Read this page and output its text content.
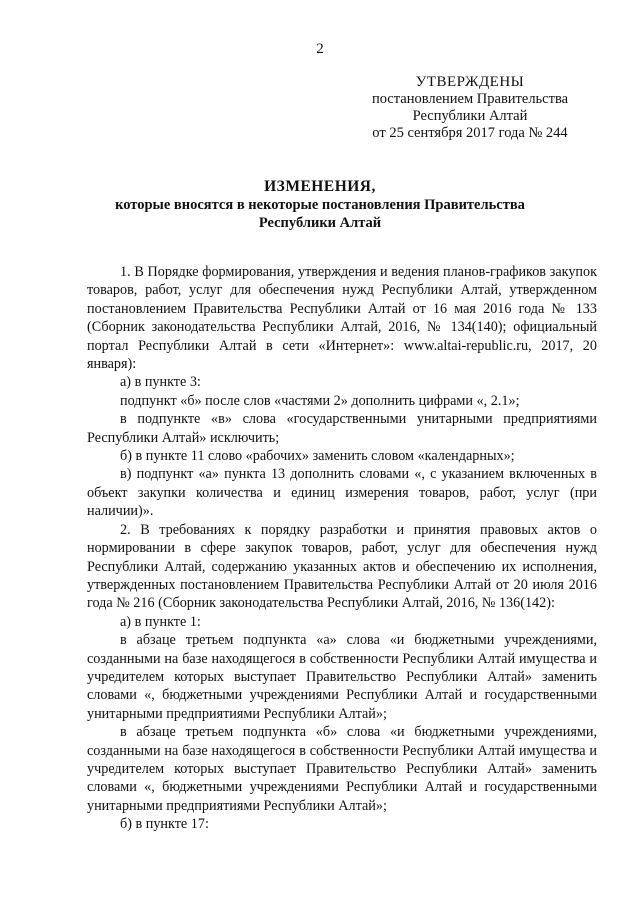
2
УТВЕРЖДЕНЫ
постановлением Правительства
Республики Алтай
от 25 сентября 2017 года № 244
ИЗМЕНЕНИЯ,
которые вносятся в некоторые постановления Правительства
Республики Алтай

1. В Порядке формирования, утверждения и ведения планов-графиков закупок товаров, работ, услуг для обеспечения нужд Республики Алтай, утвержденном постановлением Правительства Республики Алтай от 16 мая 2016 года № 133 (Сборник законодательства Республики Алтай, 2016, № 134(140); официальный портал Республики Алтай в сети «Интернет»: www.altai-republic.ru, 2017, 20 января):

а) в пункте 3:

подпункт «б» после слов «частями 2» дополнить цифрами «, 2.1»;

в подпункте «в» слова «государственными унитарными предприятиями Республики Алтай» исключить;

б) в пункте 11 слово «рабочих» заменить словом «календарных»;

в) подпункт «а» пункта 13 дополнить словами «, с указанием включенных в объект закупки количества и единиц измерения товаров, работ, услуг (при наличии)».

2. В требованиях к порядку разработки и принятия правовых актов о нормировании в сфере закупок товаров, работ, услуг для обеспечения нужд Республики Алтай, содержанию указанных актов и обеспечению их исполнения, утвержденных постановлением Правительства Республики Алтай от 20 июля 2016 года № 216 (Сборник законодательства Республики Алтай, 2016, № 136(142):

а) в пункте 1:

в абзаце третьем подпункта «а» слова «и бюджетными учреждениями, созданными на базе находящегося в собственности Республики Алтай имущества и учредителем которых выступает Правительство Республики Алтай» заменить словами «, бюджетными учреждениями Республики Алтай и государственными унитарными предприятиями Республики Алтай»;

в абзаце третьем подпункта «б» слова «и бюджетными учреждениями, созданными на базе находящегося в собственности Республики Алтай имущества и учредителем которых выступает Правительство Республики Алтай» заменить словами «, бюджетными учреждениями Республики Алтай и государственными унитарными предприятиями Республики Алтай»;

б) в пункте 17:
